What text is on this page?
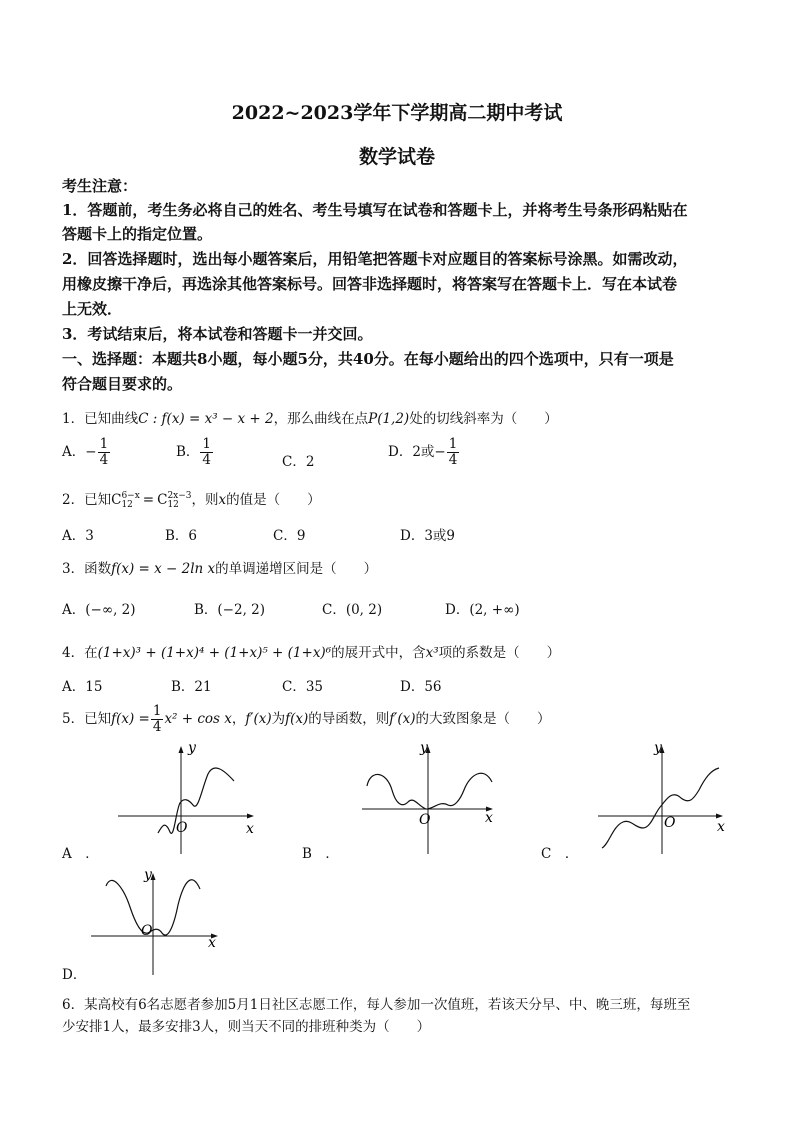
2022~2023学年下学期高二期中考试
数学试卷
考生注意：
1．答题前，考生务必将自己的姓名、考生号填写在试卷和答题卡上，并将考生号条形码粘贴在
答题卡上的指定位置。
2．回答选择题时，选出每小题答案后，用铅笔把答题卡对应题目的答案标号涂黑。如需改动，
用橡皮擦干净后，再选涂其他答案标号。回答非选择题时，将答案写在答题卡上．写在本试卷
上无效．
3．考试结束后，将本试卷和答题卡一并交回。
一、选择题：本题共8小题，每小题5分，共40分。在每小题给出的四个选项中，只有一项是
符合题目要求的。
1．已知曲线C : f(x) = x³ − x + 2，那么曲线在点P(1,2)处的切线斜率为（　　）
A．− $\frac{1}{4}$	B． $\frac{1}{4}$	C．2
D．2或− $\frac{1}{4}$
2．已知C 6−x
12 = C 2x−3
12 ，则x的值是（　　）
A．3	B．6	C．9	D．3或9
3．函数f(x) = x − 2ln x的单调递增区间是（　　）
A．(−∞, 2)	B．(−2, 2)	C．(0, 2)	D．(2, +∞)
4．在(1+x)³ + (1+x)⁴ + (1+x)⁵ + (1+x)⁶的展开式中，含x³项的系数是（　　）
A．15	B．21	C．35	D．56
5．已知$f(x) = \frac{1}{4} x^2 + \cos x$，f′(x)为f(x)的导函数，则f′(x)的大致图象是（　　）
y
x
O
A　．
y
x
O
B　．
y
x
O
C　．
y
x
O
D．
6．某高校有6名志愿者参加5月1日社区志愿工作，每人参加一次值班，若该天分早、中、晚三班，每班至
少安排1人，最多安排3人，则当天不同的排班种类为（　　）
